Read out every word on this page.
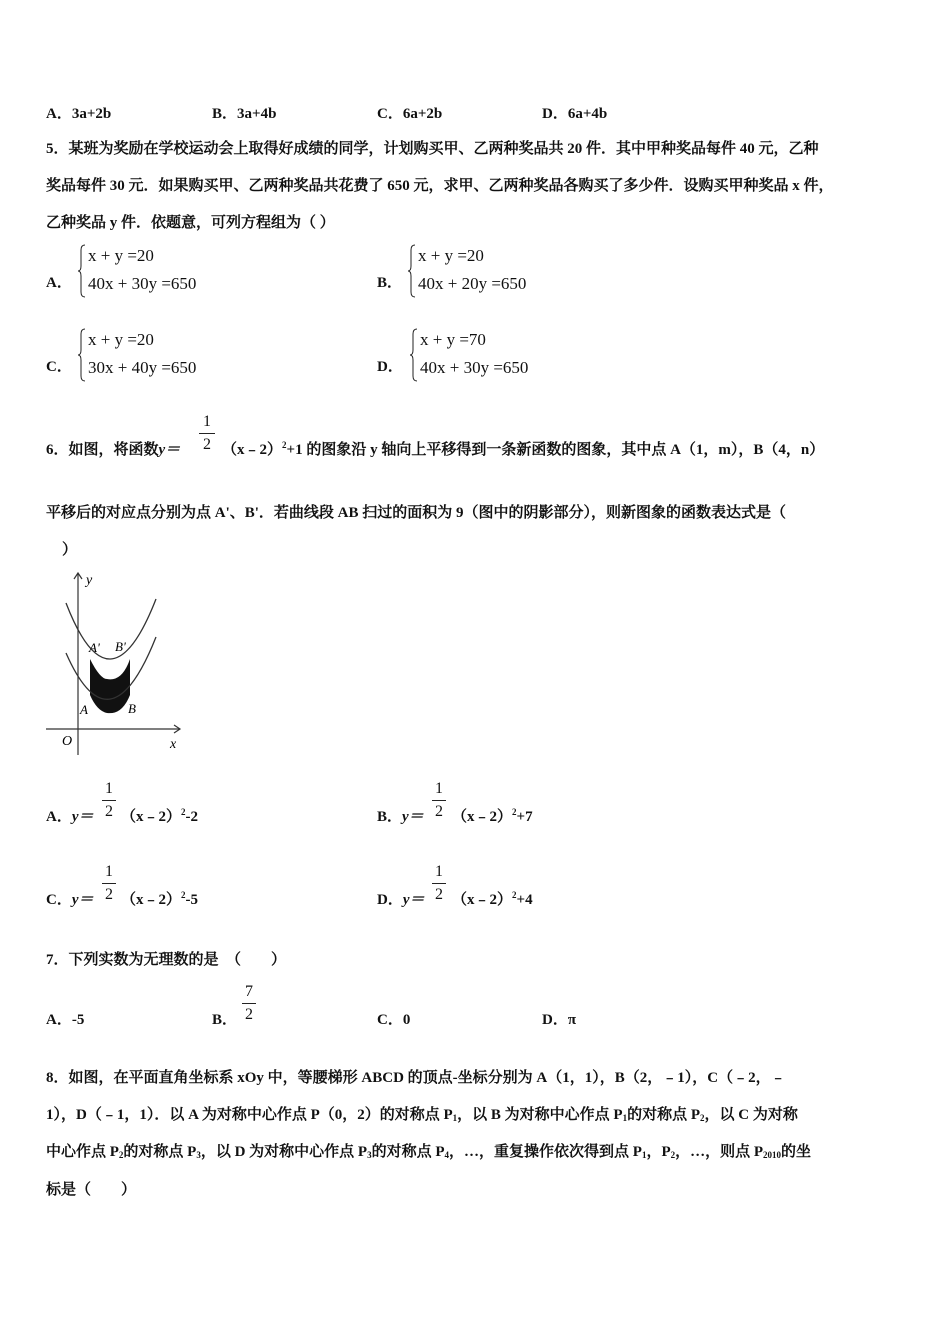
A．3a+2b	B．3a+4b	C．6a+2b	D．6a+4b
5．某班为奖励在学校运动会上取得好成绩的同学，计划购买甲、乙两种奖品共 20 件．其中甲种奖品每件 40 元，乙种
奖品每件 30 元．如果购买甲、乙两种奖品共花费了 650 元，求甲、乙两种奖品各购买了多少件．设购买甲种奖品 x 件，
乙种奖品 y 件．依题意，可列方程组为（ ）
A．
x + y =20
40x + 30y =650	B．
x + y =20
40x + 20y =650
C．
x + y =20
30x + 40y =650	D．
x + y =70
40x + 30y =650
6．如图，将函数y＝
1
2 （x﹣2）$^2$+1 的图象沿 y 轴向上平移得到一条新函数的图象，其中点 A（1，m），B（4，n）
平移后的对应点分别为点 A'、B'．若曲线段 AB 扫过的面积为 9（图中的阴影部分），则新图象的函数表达式是（
）
y
x
O
A' B'
A	B
A．y＝
1
2 （x﹣2）$^2$-2	B．y＝
1
2 （x﹣2）$^2$+7
C．y＝
1
2 （x﹣2）$^2$-5	D．y＝
1
2 （x﹣2）$^2$+4
7．下列实数为无理数的是　（　　）
A．-5	B．
7
2	C．0	D．π
8．如图，在平面直角坐标系 xOy 中，等腰梯形 ABCD 的顶点-坐标分别为 A（1，1），B（2，﹣1），C（﹣2，﹣
1），D（﹣1，1）．以 A 为对称中心作点 P（0，2）的对称点 $P_1$，以 B 为对称中心作点 $P_1$的对称点 $P_2$，以 C 为对称
中心作点 $P_2$的对称点 $P_3$，以 D 为对称中心作点 $P_3$的对称点 $P_4$，…，重复操作依次得到点 $P_1$，$P_2$，…，则点 $P_{2010}$的坐
标是（　　）
